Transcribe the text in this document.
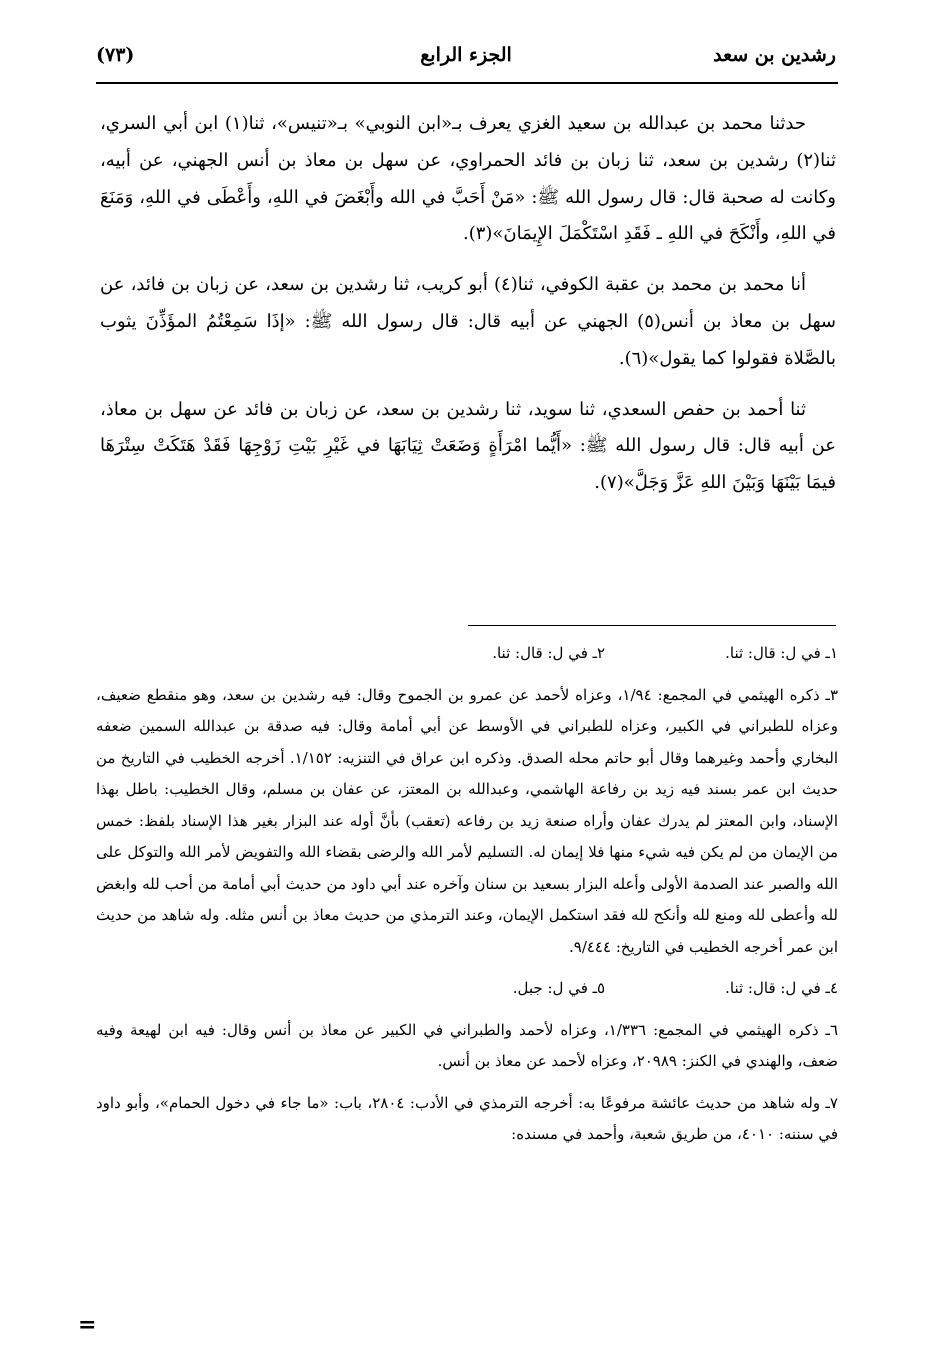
رشدين بن سعد
الجزء الرابع
(٧٣)

حدثنا محمد بن عبدالله بن سعيد الغزي يعرف بـ«ابن النوبي» بـ«تنيس»، ثنا(١) ابن أبي السري، ثنا(٢) رشدين بن سعد، ثنا زبان بن فائد الحمراوي، عن سهل بن معاذ بن أنس الجهني، عن أبيه، وكانت له صحبة قال: قال رسول الله ﷺ: «مَنْ أَحَبَّ في الله وأَبْغَضَ في اللهِ، وأَعْطَى في اللهِ، وَمَنَعَ في اللهِ، وأَنْكَحَ في اللهِ ـ فَقَدِ اسْتَكْمَلَ الإِيمَانَ»(٣).

أنا محمد بن محمد بن عقبة الكوفي، ثنا(٤) أبو كريب، ثنا رشدين بن سعد، عن زبان بن فائد، عن سهل بن معاذ بن أنس(٥) الجهني عن أبيه قال: قال رسول الله ﷺ: «إذَا سَمِعْتُمُ المؤَذِّنَ يثوب بالصَّلاة فقولوا كما يقول»(٦).

ثنا أحمد بن حفص السعدي، ثنا سويد، ثنا رشدين بن سعد، عن زبان بن فائد عن سهل بن معاذ، عن أبيه قال: قال رسول الله ﷺ: «أَيُّما امْرَأَةٍ وَضَعَتْ ثِيَابَهَا في غَيْرِ بَيْتِ زَوْجِهَا فَقَدْ هَتَكَتْ سِتْرَهَا فيمَا بَيْنَهَا وَبَيْنَ اللهِ عَزَّ وَجَلَّ»(٧).

١ـ في ل: قال: ثنا.
٢ـ في ل: قال: ثنا.

٣ـ ذكره الهيثمي في المجمع: ١/٩٤، وعزاه لأحمد عن عمرو بن الجموح وقال: فيه رشدين بن سعد، وهو منقطع ضعيف، وعزاه للطبراني في الكبير، وعزاه للطبراني في الأوسط عن أبي أمامة وقال: فيه صدقة بن عبدالله السمين ضعفه البخاري وأحمد وغيرهما وقال أبو حاتم محله الصدق. وذكره ابن عراق في التنزيه: ١/١٥٢. أخرجه الخطيب في التاريخ من حديث ابن عمر بسند فيه زيد بن رفاعة الهاشمي، وعبدالله بن المعتز، عن عفان بن مسلم، وقال الخطيب: باطل بهذا الإسناد، وابن المعتز لم يدرك عفان وأراه صنعة زيد بن رفاعه (تعقب) بأنَّ أوله عند البزار بغير هذا الإسناد بلفظ: خمس من الإيمان من لم يكن فيه شيء منها فلا إيمان له. التسليم لأمر الله والرضى بقضاء الله والتفويض لأمر الله والتوكل على الله والصبر عند الصدمة الأولى وأعله البزار بسعيد بن سنان وآخره عند أبي داود من حديث أبي أمامة من أحب لله وابغض لله وأعطى لله ومنع لله وأنكح لله فقد استكمل الإيمان، وعند الترمذي من حديث معاذ بن أنس مثله. وله شاهد من حديث ابن عمر أخرجه الخطيب في التاريخ: ٩/٤٤٤.

٤ـ في ل: قال: ثنا.
٥ـ في ل: جبل.

٦ـ ذكره الهيثمي في المجمع: ١/٣٣٦، وعزاه لأحمد والطبراني في الكبير عن معاذ بن أنس وقال: فيه ابن لهيعة وفيه ضعف، والهندي في الكنز: ٢٠٩٨٩، وعزاه لأحمد عن معاذ بن أنس.

٧ـ وله شاهد من حديث عائشة مرفوعًا به: أخرجه الترمذي في الأدب: ٢٨٠٤، باب: «ما جاء في دخول الحمام»، وأبو داود في سننه: ٤٠١٠، من طريق شعبة، وأحمد في مسنده:

=
